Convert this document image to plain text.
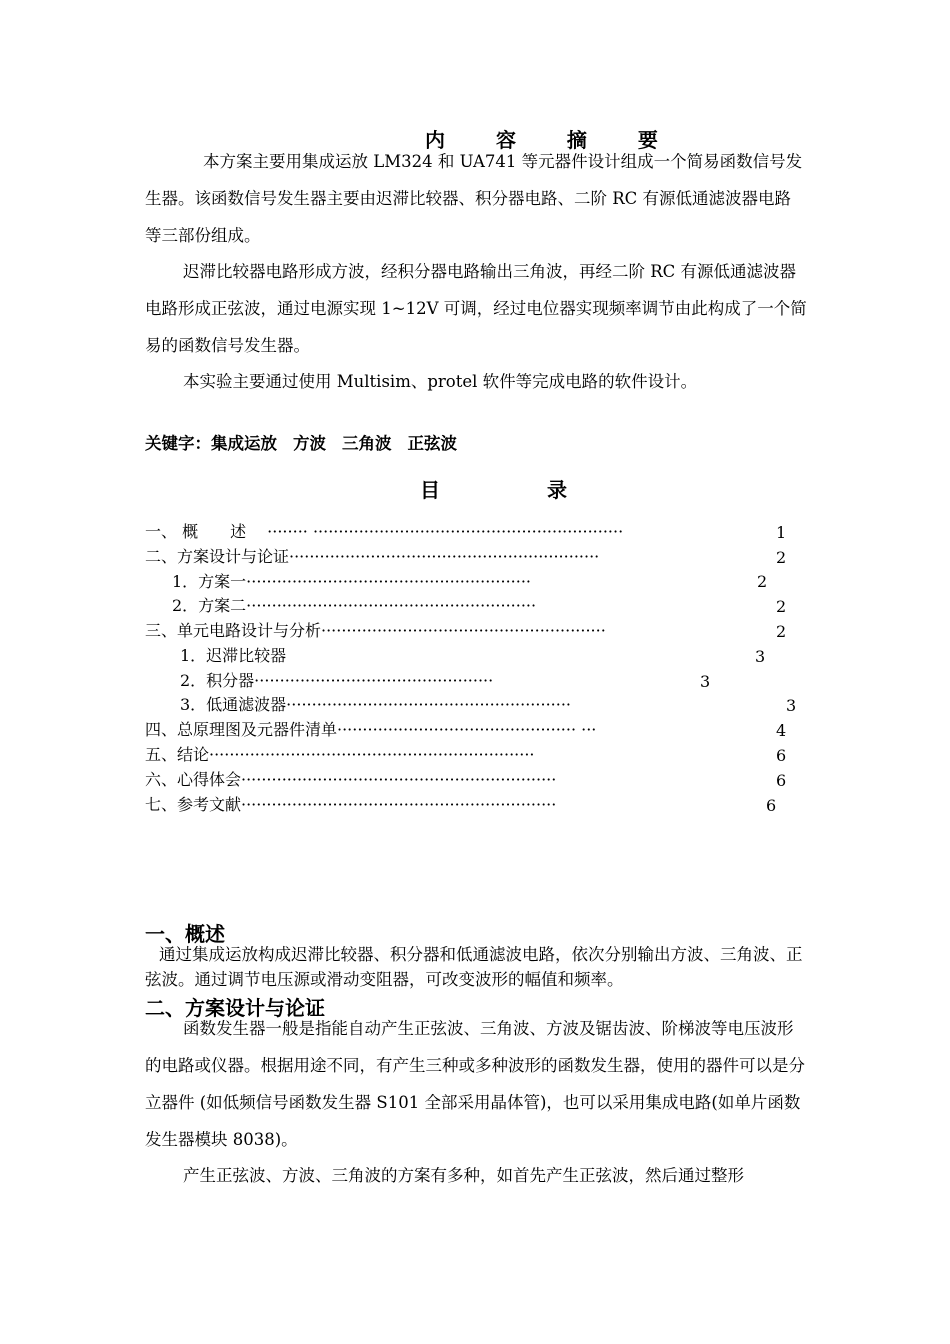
内 容 摘 要
本方案主要用集成运放 LM324 和 UA741 等元器件设计组成一个简易函数信号发生器。该函数信号发生器主要由迟滞比较器、积分器电路、二阶 RC 有源低通滤波器电路等三部份组成。
迟滞比较器电路形成方波，经积分器电路输出三角波，再经二阶 RC 有源低通滤波器电路形成正弦波，通过电源实现 1~12V 可调，经过电位器实现频率调节由此构成了一个简易的函数信号发生器。
本实验主要通过使用 Multisim、protel 软件等完成电路的软件设计。
关键字：集成运放 方波 三角波 正弦波
目 录
一、 概　　述　 ········ ·····························································	1
二、方案设计与论证·····························································	2
1．方案一························································	2
2．方案二·························································	2
三、单元电路设计与分析························································	2
1．迟滞比较器	3
2．积分器···············································	3
3．低通滤波器························································	3
四、总原理图及元器件清单··············································· ···	4
五、结论································································	6
六、心得体会······························································	6
七、参考文献······························································	6
一、概述
通过集成运放构成迟滞比较器、积分器和低通滤波电路，依次分别输出方波、三角波、正弦波。通过调节电压源或滑动变阻器，可改变波形的幅值和频率。
二、方案设计与论证
函数发生器一般是指能自动产生正弦波、三角波、方波及锯齿波、阶梯波等电压波形的电路或仪器。根据用途不同，有产生三种或多种波形的函数发生器，使用的器件可以是分立器件 (如低频信号函数发生器 S101 全部采用晶体管)，也可以采用集成电路(如单片函数发生器模块 8038)。
产生正弦波、方波、三角波的方案有多种，如首先产生正弦波，然后通过整形
